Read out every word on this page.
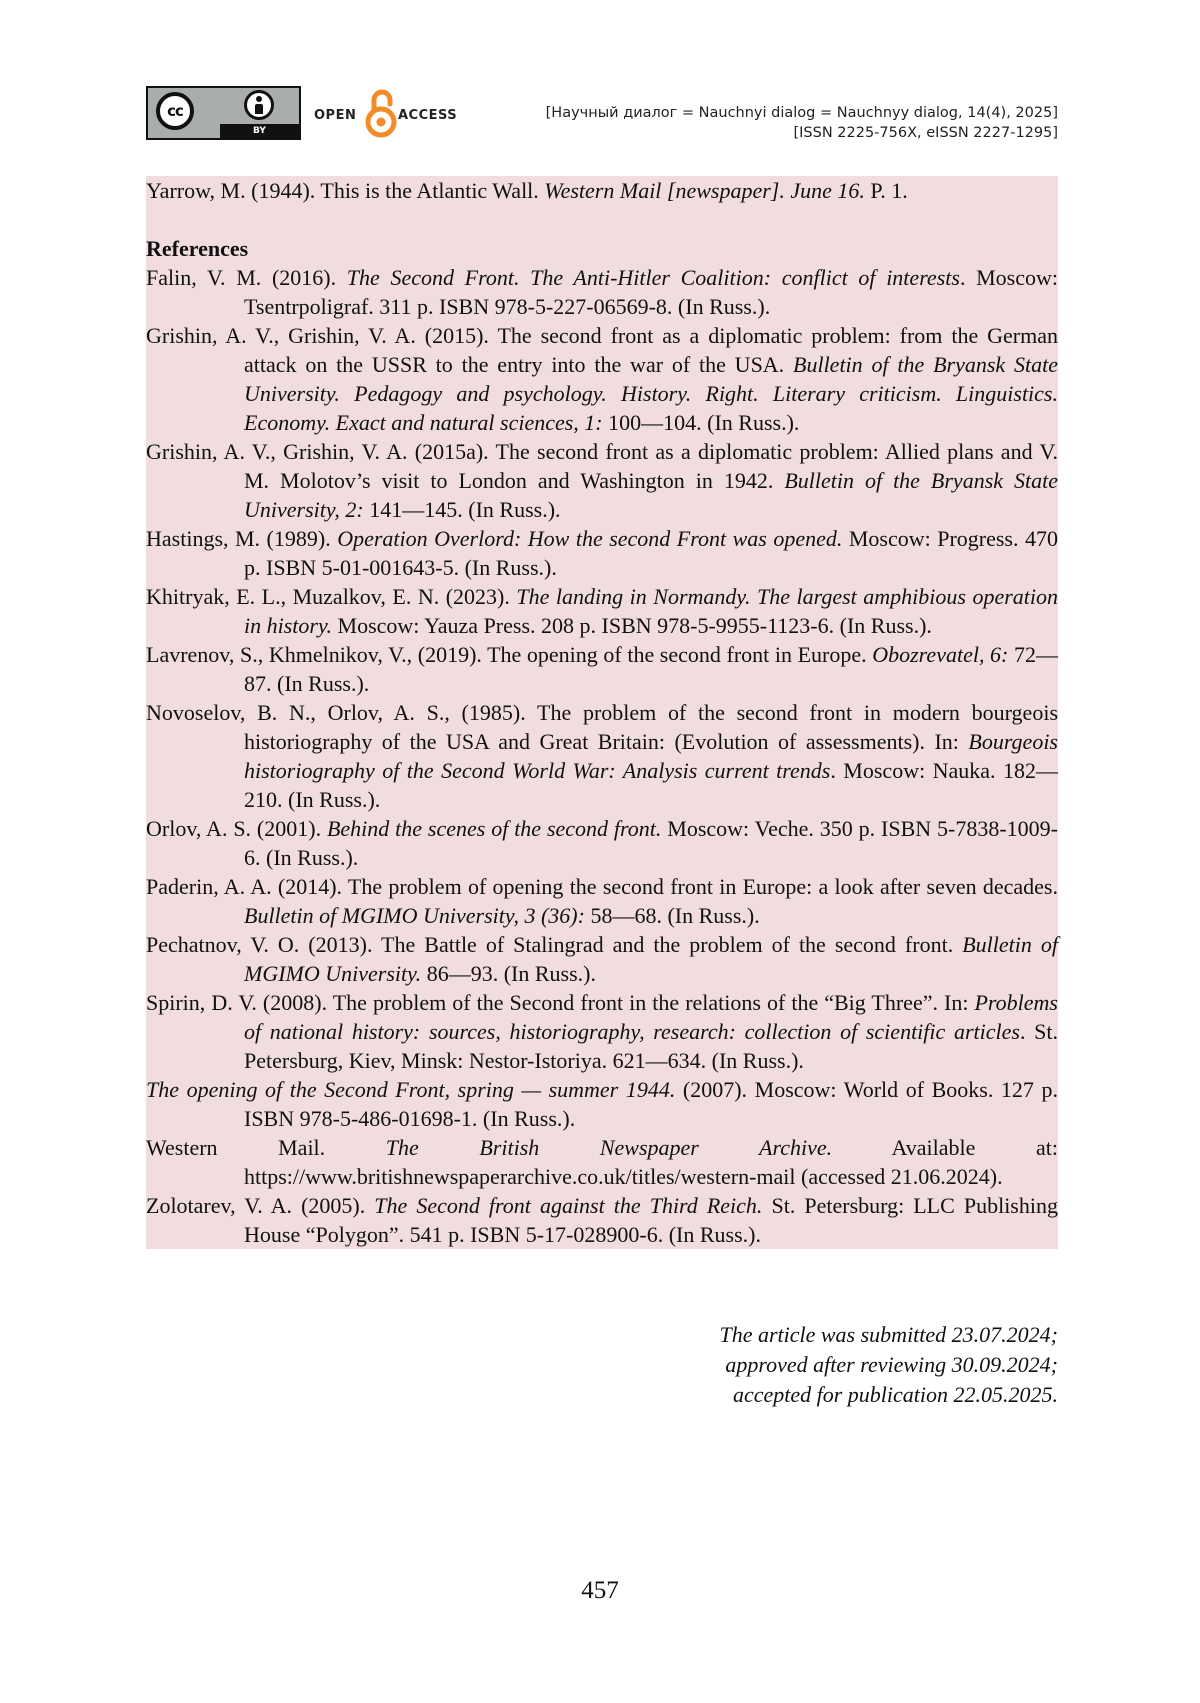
cc
BY
OPEN	ACCESS	[Научный диалог = Nauchnyi dialog = Nauchnyy dialog, 14(4), 2025]
[ISSN 2225-756X, eISSN 2227-1295]

Yarrow, M. (1944). This is the Atlantic Wall. Western Mail [newspaper]. June 16. P. 1.

References

Falin, V. M. (2016). The Second Front. The Anti-Hitler Coalition: conflict of interests. Moscow: Tsentrpoligraf. 311 p. ISBN 978-5-227-06569-8. (In Russ.).

Grishin, A. V., Grishin, V. A. (2015). The second front as a diplomatic problem: from the German attack on the USSR to the entry into the war of the USA. Bulletin of the Bryansk State University. Pedagogy and psychology. History. Right. Literary criticism. Linguistics. Economy. Exact and natural sciences, 1: 100—104. (In Russ.).

Grishin, A. V., Grishin, V. A. (2015a). The second front as a diplomatic problem: Allied plans and V. M. Molotov’s visit to London and Washington in 1942. Bulletin of the Bryansk State University, 2: 141—145. (In Russ.).

Hastings, M. (1989). Operation Overlord: How the second Front was opened. Moscow: Progress. 470 p. ISBN 5-01-001643-5. (In Russ.).

Khitryak, E. L., Muzalkov, E. N. (2023). The landing in Normandy. The largest amphibious operation in history. Moscow: Yauza Press. 208 p. ISBN 978-5-9955-1123-6. (In Russ.).

Lavrenov, S., Khmelnikov, V., (2019). The opening of the second front in Europe. Obozrevatel, 6: 72—87. (In Russ.).

Novoselov, B. N., Orlov, A. S., (1985). The problem of the second front in modern bourgeois historiography of the USA and Great Britain: (Evolution of assessments). In: Bourgeois historiography of the Second World War: Analysis current trends. Moscow: Nauka. 182—210. (In Russ.).

Orlov, A. S. (2001). Behind the scenes of the second front. Moscow: Veche. 350 p. ISBN 5-7838-1009-6. (In Russ.).

Paderin, A. A. (2014). The problem of opening the second front in Europe: a look after seven decades. Bulletin of MGIMO University, 3 (36): 58—68. (In Russ.).

Pechatnov, V. O. (2013). The Battle of Stalingrad and the problem of the second front. Bulletin of MGIMO University. 86—93. (In Russ.).

Spirin, D. V. (2008). The problem of the Second front in the relations of the “Big Three”. In: Problems of national history: sources, historiography, research: collection of scientific articles. St. Petersburg, Kiev, Minsk: Nestor-Istoriya. 621—634. (In Russ.).

The opening of the Second Front, spring — summer 1944. (2007). Moscow: World of Books. 127 p. ISBN 978-5-486-01698-1. (In Russ.).

Western Mail. The British Newspaper Archive. Available at: https://www.britishnewspaperarchive.co.uk/titles/western-mail (accessed 21.06.2024).

Zolotarev, V. A. (2005). The Second front against the Third Reich. St. Petersburg: LLC Publishing House “Polygon”. 541 p. ISBN 5-17-028900-6. (In Russ.).

The article was submitted 23.07.2024;
approved after reviewing 30.09.2024;
accepted for publication 22.05.2025.
457
